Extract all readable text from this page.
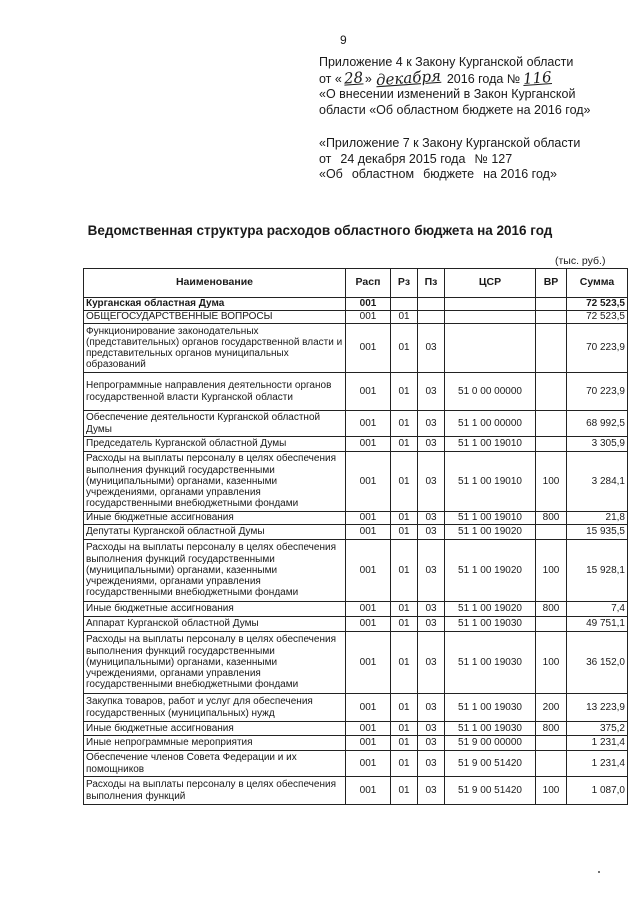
9
Приложение 4 к Закону Курганской области
от «28» декабря 2016 года № 116
«О внесении изменений в Закон Курганской
области «Об областном бюджете на 2016 год»
«Приложение 7 к Закону Курганской области
от 24 декабря 2015 года № 127
«Об областном бюджете на 2016 год»
Ведомственная структура расходов областного бюджета на 2016 год
(тыс. руб.)
Наименование	Расп	Рз	Пз	ЦСР	ВР	Сумма
Курганская областная Дума	001					72 523,5
ОБЩЕГОСУДАРСТВЕННЫЕ ВОПРОСЫ	001	01				72 523,5
Функционирование законодательных (представительных) органов государственной власти и представительных органов муниципальных образований	001	01	03			70 223,9
Непрограммные направления деятельности органов государственной власти Курганской области	001	01	03	51 0 00 00000		70 223,9
Обеспечение деятельности Курганской областной Думы	001	01	03	51 1 00 00000		68 992,5
Председатель Курганской областной Думы	001	01	03	51 1 00 19010		3 305,9
Расходы на выплаты персоналу в целях обеспечения выполнения функций государственными (муниципальными) органами, казенными учреждениями, органами управления государственными внебюджетными фондами	001	01	03	51 1 00 19010	100	3 284,1
Иные бюджетные ассигнования	001	01	03	51 1 00 19010	800	21,8
Депутаты Курганской областной Думы	001	01	03	51 1 00 19020		15 935,5
Расходы на выплаты персоналу в целях обеспечения выполнения функций государственными (муниципальными) органами, казенными учреждениями, органами управления государственными внебюджетными фондами	001	01	03	51 1 00 19020	100	15 928,1
Иные бюджетные ассигнования	001	01	03	51 1 00 19020	800	7,4
Аппарат Курганской областной Думы	001	01	03	51 1 00 19030		49 751,1
Расходы на выплаты персоналу в целях обеспечения выполнения функций государственными (муниципальными) органами, казенными учреждениями, органами управления государственными внебюджетными фондами	001	01	03	51 1 00 19030	100	36 152,0
Закупка товаров, работ и услуг для обеспечения государственных (муниципальных) нужд	001	01	03	51 1 00 19030	200	13 223,9
Иные бюджетные ассигнования	001	01	03	51 1 00 19030	800	375,2
Иные непрограммные мероприятия	001	01	03	51 9 00 00000		1 231,4
Обеспечение членов Совета Федерации и их помощников	001	01	03	51 9 00 51420		1 231,4
Расходы на выплаты персоналу в целях обеспечения выполнения функций	001	01	03	51 9 00 51420	100	1 087,0
